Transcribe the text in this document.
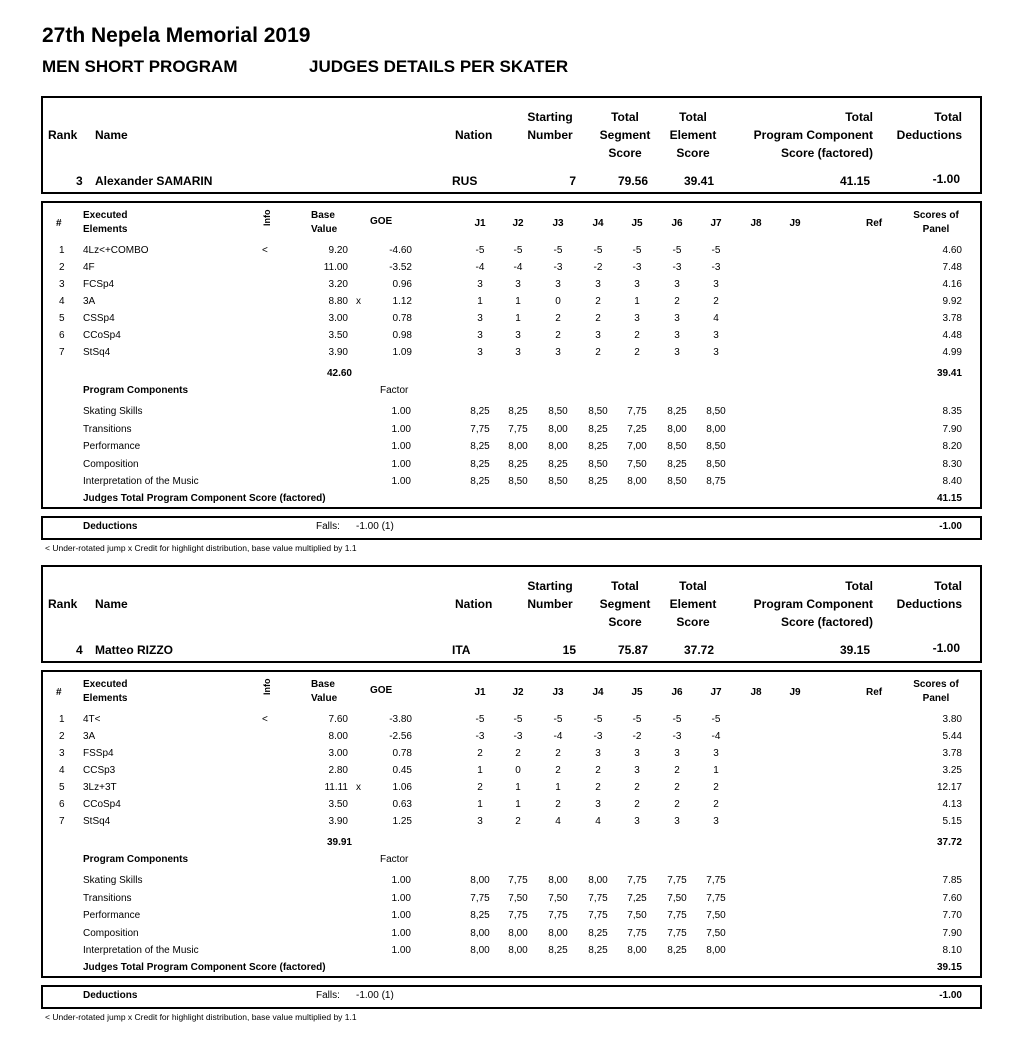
27th Nepela Memorial 2019
MEN SHORT PROGRAM	JUDGES DETAILS PER SKATER
Rank Name	Nation
Starting
Number
Total
Segment
Score
Total
Element
Score
Total
Program Component
Score (factored)
Total
Deductions
3 Alexander SAMARIN	RUS	7	79.56	39.41	41.15	-1.00
#
Executed
Elements
Info	Base
Value
GOE	J1	J2	J3	J4	J5	J6	J7	J8	J9	Ref
Scores of
Panel
1 4Lz<+COMBO	<	9.20	-4.60	-5	-5	-5	-5	-5	-5	-5	4.60
2 4F	11.00	-3.52	-4	-4	-3	-2	-3	-3	-3	7.48
3 FCSp4	3.20	0.96	3	3	3	3	3	3	3	4.16
4 3A	8.80 x	1.12	1	1	0	2	1	2	2	9.92
5 CSSp4	3.00	0.78	3	1	2	2	3	3	4	3.78
6 CCoSp4	3.50	0.98	3	3	2	3	2	3	3	4.48
7 StSq4	3.90	1.09	3	3	3	2	2	3	3	4.99
42.60	39.41
Program Components	Factor
Skating Skills	1.00	8,25	8,25	8,50	8,50	7,75	8,25	8,50	8.35
Transitions	1.00	7,75	7,75	8,00	8,25	7,25	8,00	8,00	7.90
Performance	1.00	8,25	8,00	8,00	8,25	7,00	8,50	8,50	8.20
Composition	1.00	8,25	8,25	8,25	8,50	7,50	8,25	8,50	8.30
Interpretation of the Music	1.00	8,25	8,50	8,50	8,25	8,00	8,50	8,75	8.40
Judges Total Program Component Score (factored)	41.15
Deductions	Falls: -1.00 (1)	-1.00
< Under-rotated jump x Credit for highlight distribution, base value multiplied by 1.1
Rank Name	Nation
Starting
Number
Total
Segment
Score
Total
Element
Score
Total
Program Component
Score (factored)
Total
Deductions
4 Matteo RIZZO	ITA	15	75.87	37.72	39.15	-1.00
#
Executed
Elements
Info	Base
Value
GOE	J1	J2	J3	J4	J5	J6	J7	J8	J9	Ref
Scores of
Panel
1 4T<	<	7.60	-3.80	-5	-5	-5	-5	-5	-5	-5	3.80
2 3A	8.00	-2.56	-3	-3	-4	-3	-2	-3	-4	5.44
3 FSSp4	3.00	0.78	2	2	2	3	3	3	3	3.78
4 CCSp3	2.80	0.45	1	0	2	2	3	2	1	3.25
5 3Lz+3T	11.11 x	1.06	2	1	1	2	2	2	2	12.17
6 CCoSp4	3.50	0.63	1	1	2	3	2	2	2	4.13
7 StSq4	3.90	1.25	3	2	4	4	3	3	3	5.15
39.91	37.72
Program Components	Factor
Skating Skills	1.00	8,00	7,75	8,00	8,00	7,75	7,75	7,75	7.85
Transitions	1.00	7,75	7,50	7,50	7,75	7,25	7,50	7,75	7.60
Performance	1.00	8,25	7,75	7,75	7,75	7,50	7,75	7,50	7.70
Composition	1.00	8,00	8,00	8,00	8,25	7,75	7,75	7,50	7.90
Interpretation of the Music	1.00	8,00	8,00	8,25	8,25	8,00	8,25	8,00	8.10
Judges Total Program Component Score (factored)	39.15
Deductions	Falls: -1.00 (1)	-1.00
< Under-rotated jump x Credit for highlight distribution, base value multiplied by 1.1
